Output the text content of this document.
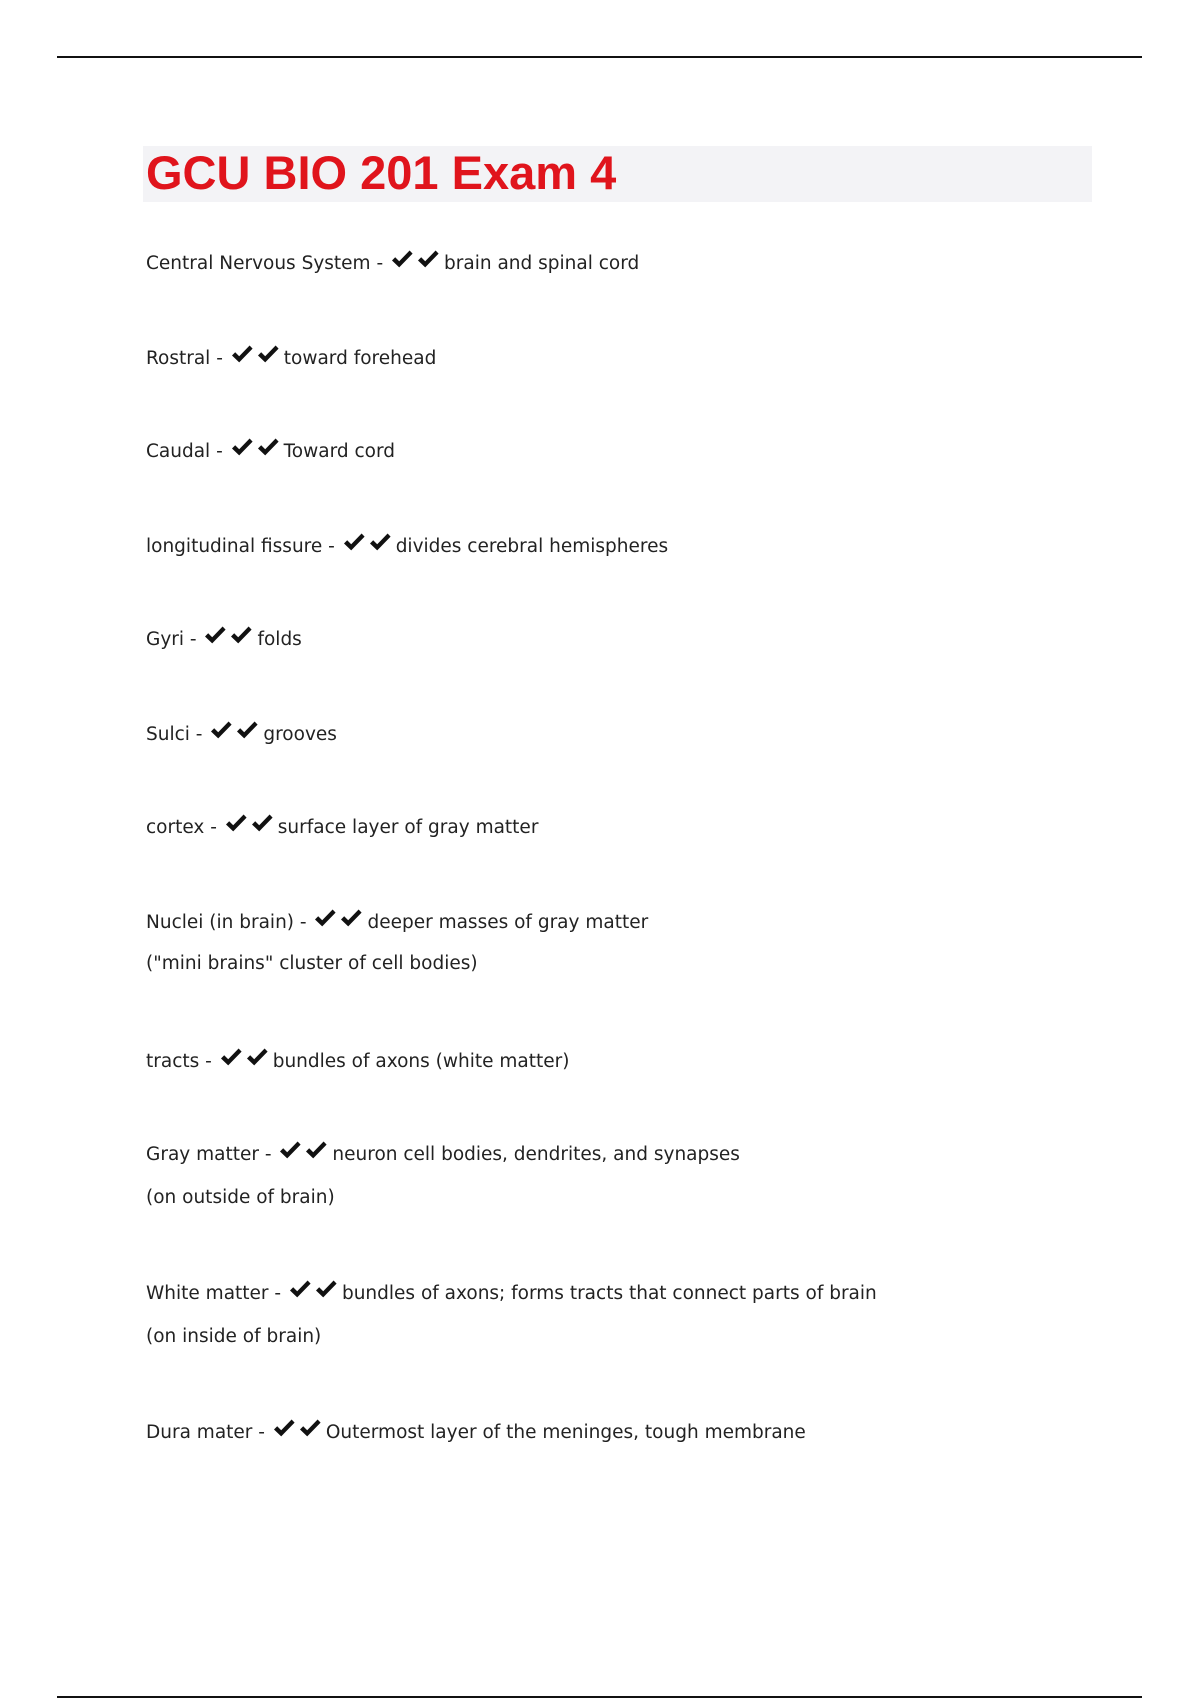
GCU BIO 201 Exam 4
Central Nervous System -	brain and spinal cord
Rostral -	toward forehead
Caudal -	Toward cord
longitudinal fissure -	divides cerebral hemispheres
Gyri -	folds
Sulci -	grooves
cortex -	surface layer of gray matter
Nuclei (in brain) -	deeper masses of gray matter
("mini brains" cluster of cell bodies)
tracts -	bundles of axons (white matter)
Gray matter -	neuron cell bodies, dendrites, and synapses
(on outside of brain)
White matter -	bundles of axons; forms tracts that connect parts of brain
(on inside of brain)
Dura mater -	Outermost layer of the meninges, tough membrane
